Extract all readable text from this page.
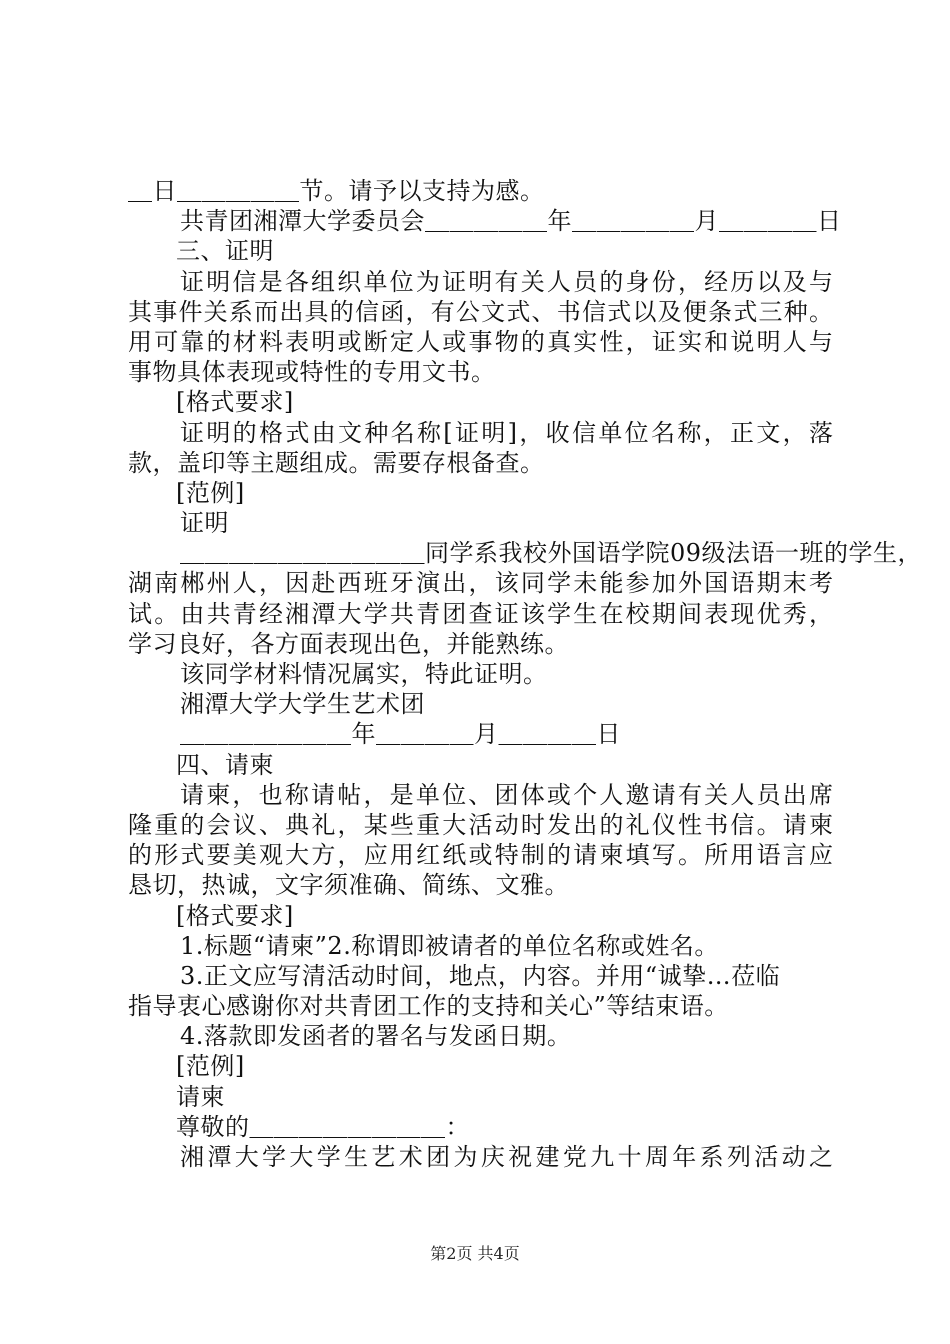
＿日＿＿＿＿＿节。请予以支持为感。
共青团湘潭大学委员会＿＿＿＿＿年＿＿＿＿＿月＿＿＿＿日
三、证明
证明信是各组织单位为证明有关人员的身份，经历以及与
其事件关系而出具的信函，有公文式、书信式以及便条式三种。
用可靠的材料表明或断定人或事物的真实性，证实和说明人与
事物具体表现或特性的专用文书。
[格式要求]
证明的格式由文种名称[证明]，收信单位名称，正文，落
款，盖印等主题组成。需要存根备查。
[范例]
证明
＿＿＿＿＿＿＿＿＿＿同学系我校外国语学院09级法语一班的学生，
湖南郴州人，因赴西班牙演出，该同学未能参加外国语期末考
试。由共青经湘潭大学共青团查证该学生在校期间表现优秀，
学习良好，各方面表现出色，并能熟练。
该同学材料情况属实，特此证明。
湘潭大学大学生艺术团
＿＿＿＿＿＿＿年＿＿＿＿月＿＿＿＿日
四、请柬
请柬，也称请帖，是单位、团体或个人邀请有关人员出席
隆重的会议、典礼，某些重大活动时发出的礼仪性书信。请柬
的形式要美观大方，应用红纸或特制的请柬填写。所用语言应
恳切，热诚，文字须准确、简练、文雅。
[格式要求]
1.标题“请柬”2.称谓即被请者的单位名称或姓名。
3.正文应写清活动时间，地点，内容。并用“诚挚…莅临
指导衷心感谢你对共青团工作的支持和关心”等结束语。
4.落款即发函者的署名与发函日期。
[范例]
请柬
尊敬的＿＿＿＿＿＿＿＿：
湘潭大学大学生艺术团为庆祝建党九十周年系列活动之
第2页 共4页
